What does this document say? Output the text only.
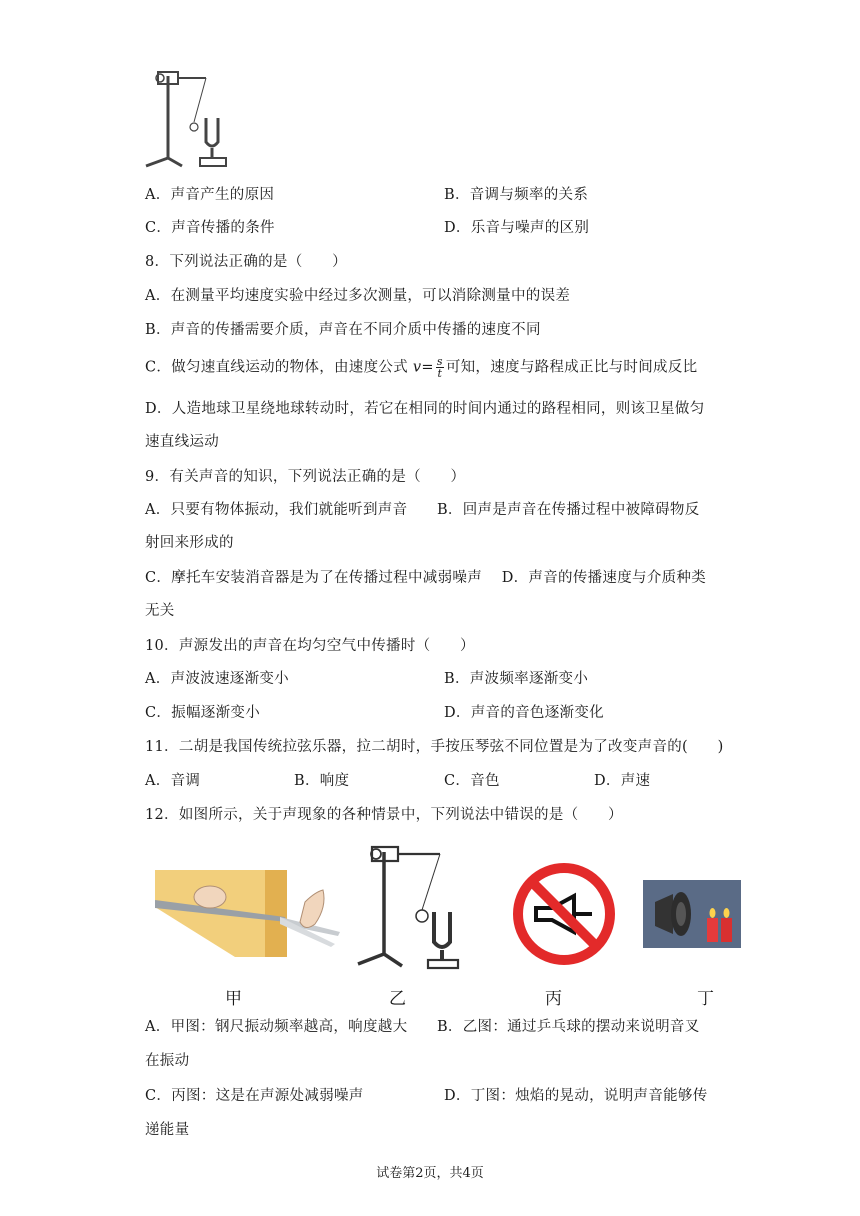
A．声音产生的原因	B．音调与频率的关系
C．声音传播的条件	D．乐音与噪声的区别
8．下列说法正确的是（　　）
A．在测量平均速度实验中经过多次测量，可以消除测量中的误差
B．声音的传播需要介质，声音在不同介质中传播的速度不同
C．做匀速直线运动的物体，由速度公式 $v= \frac{s}{t}$ 可知，速度与路程成正比与时间成反比
D．人造地球卫星绕地球转动时，若它在相同的时间内通过的路程相同，则该卫星做匀
速直线运动
9．有关声音的知识，下列说法正确的是（　　）
A．只要有物体振动，我们就能听到声音　　B．回声是声音在传播过程中被障碍物反
射回来形成的
C．摩托车安装消音器是为了在传播过程中减弱噪声　 D．声音的传播速度与介质种类
无关
10．声源发出的声音在均匀空气中传播时（　　）
A．声波波速逐渐变小	B．声波频率逐渐变小
C．振幅逐渐变小	D．声音的音色逐渐变化
11．二胡是我国传统拉弦乐器，拉二胡时，手按压琴弦不同位置是为了改变声音的(　　)
A．音调	B．响度	C．音色	D．声速
12．如图所示，关于声现象的各种情景中，下列说法中错误的是（　　）
甲	乙	丙	丁
A．甲图：钢尺振动频率越高，响度越大　　B．乙图：通过乒乓球的摆动来说明音叉
在振动
C．丙图：这是在声源处减弱噪声	D．丁图：烛焰的晃动，说明声音能够传
递能量
试卷第2页，共4页
